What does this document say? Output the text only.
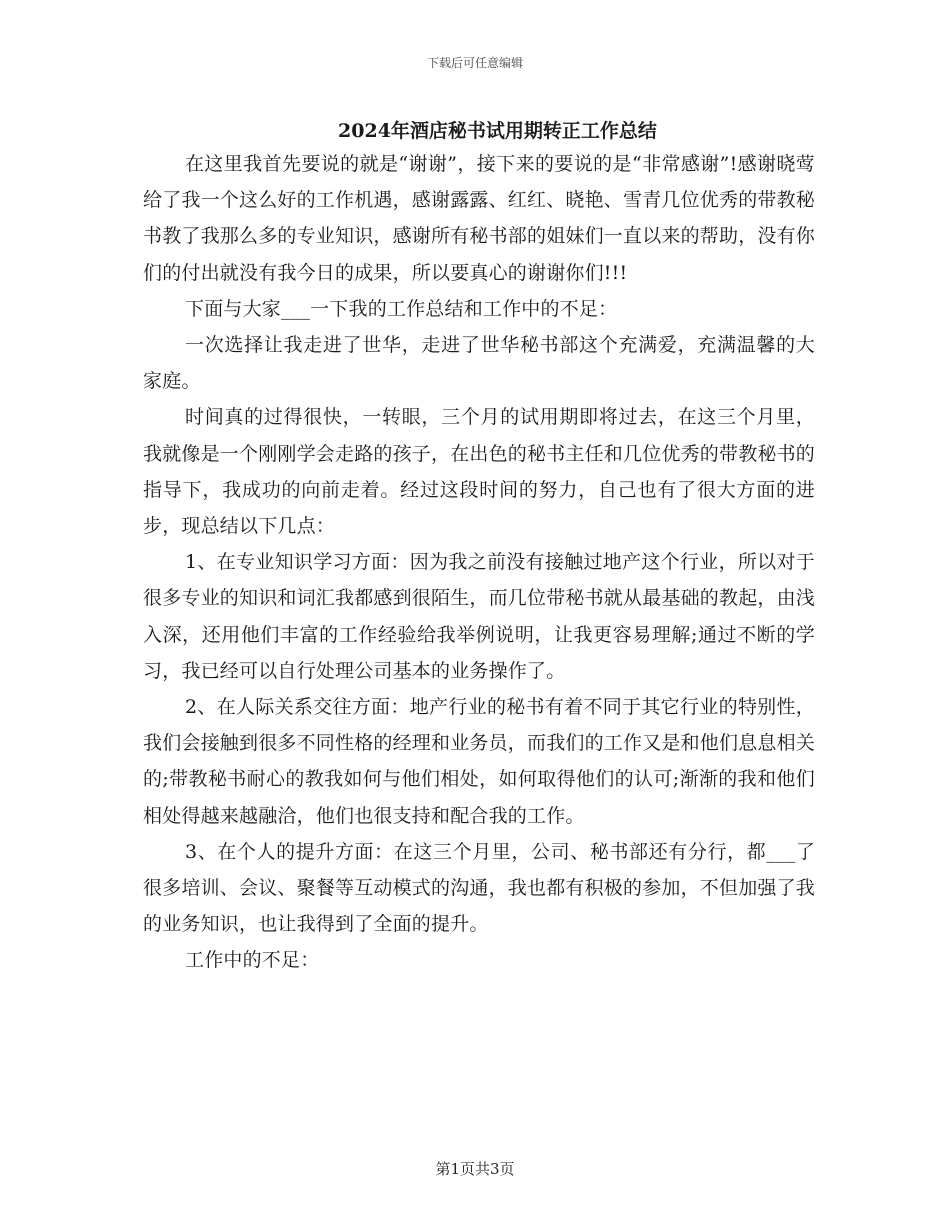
下载后可任意编辑
2024年酒店秘书试用期转正工作总结

在这里我首先要说的就是“谢谢”，接下来的要说的是“非常感谢”!感谢晓莺给了我一个这么好的工作机遇，感谢露露、红红、晓艳、雪青几位优秀的带教秘书教了我那么多的专业知识，感谢所有秘书部的姐妹们一直以来的帮助，没有你们的付出就没有我今日的成果，所以要真心的谢谢你们!!!

下面与大家___一下我的工作总结和工作中的不足：

一次选择让我走进了世华，走进了世华秘书部这个充满爱，充满温馨的大家庭。

时间真的过得很快，一转眼，三个月的试用期即将过去，在这三个月里，我就像是一个刚刚学会走路的孩子，在出色的秘书主任和几位优秀的带教秘书的指导下，我成功的向前走着。经过这段时间的努力，自己也有了很大方面的进步，现总结以下几点：

1、在专业知识学习方面：因为我之前没有接触过地产这个行业，所以对于很多专业的知识和词汇我都感到很陌生，而几位带秘书就从最基础的教起，由浅入深，还用他们丰富的工作经验给我举例说明，让我更容易理解;通过不断的学习，我已经可以自行处理公司基本的业务操作了。

2、在人际关系交往方面：地产行业的秘书有着不同于其它行业的特别性，我们会接触到很多不同性格的经理和业务员，而我们的工作又是和他们息息相关的;带教秘书耐心的教我如何与他们相处，如何取得他们的认可;渐渐的我和他们相处得越来越融洽，他们也很支持和配合我的工作。

3、在个人的提升方面：在这三个月里，公司、秘书部还有分行，都___了很多培训、会议、聚餐等互动模式的沟通，我也都有积极的参加，不但加强了我的业务知识，也让我得到了全面的提升。

工作中的不足：

第1页共3页
